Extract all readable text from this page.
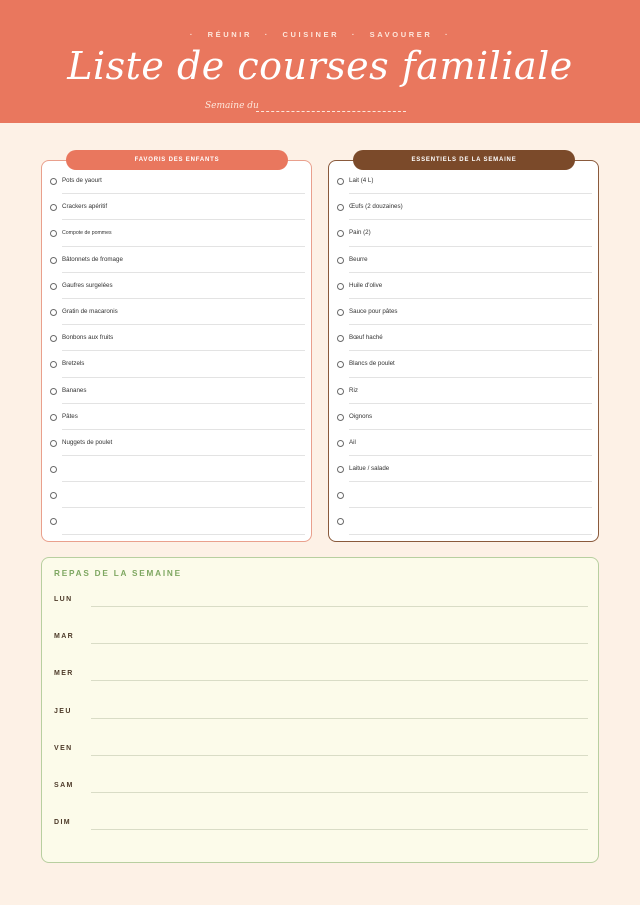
· RÉUNIR · CUISINER · SAVOURER ·
Liste de courses familiale
Semaine du
Pots de yaourt
Crackers apéritif
Compote de pommes
Bâtonnets de fromage
Gaufres surgelées
Gratin de macaronis
Bonbons aux fruits
Bretzels
Bananes
Pâtes
Nuggets de poulet
FAVORIS DES ENFANTS
Lait (4 L)
Œufs (2 douzaines)
Pain (2)
Beurre
Huile d'olive
Sauce pour pâtes
Bœuf haché
Blancs de poulet
Riz
Oignons
Ail
Laitue / salade
ESSENTIELS DE LA SEMAINE
REPAS DE LA SEMAINE
LUN
MAR
MER
JEU
VEN
SAM
DIM
